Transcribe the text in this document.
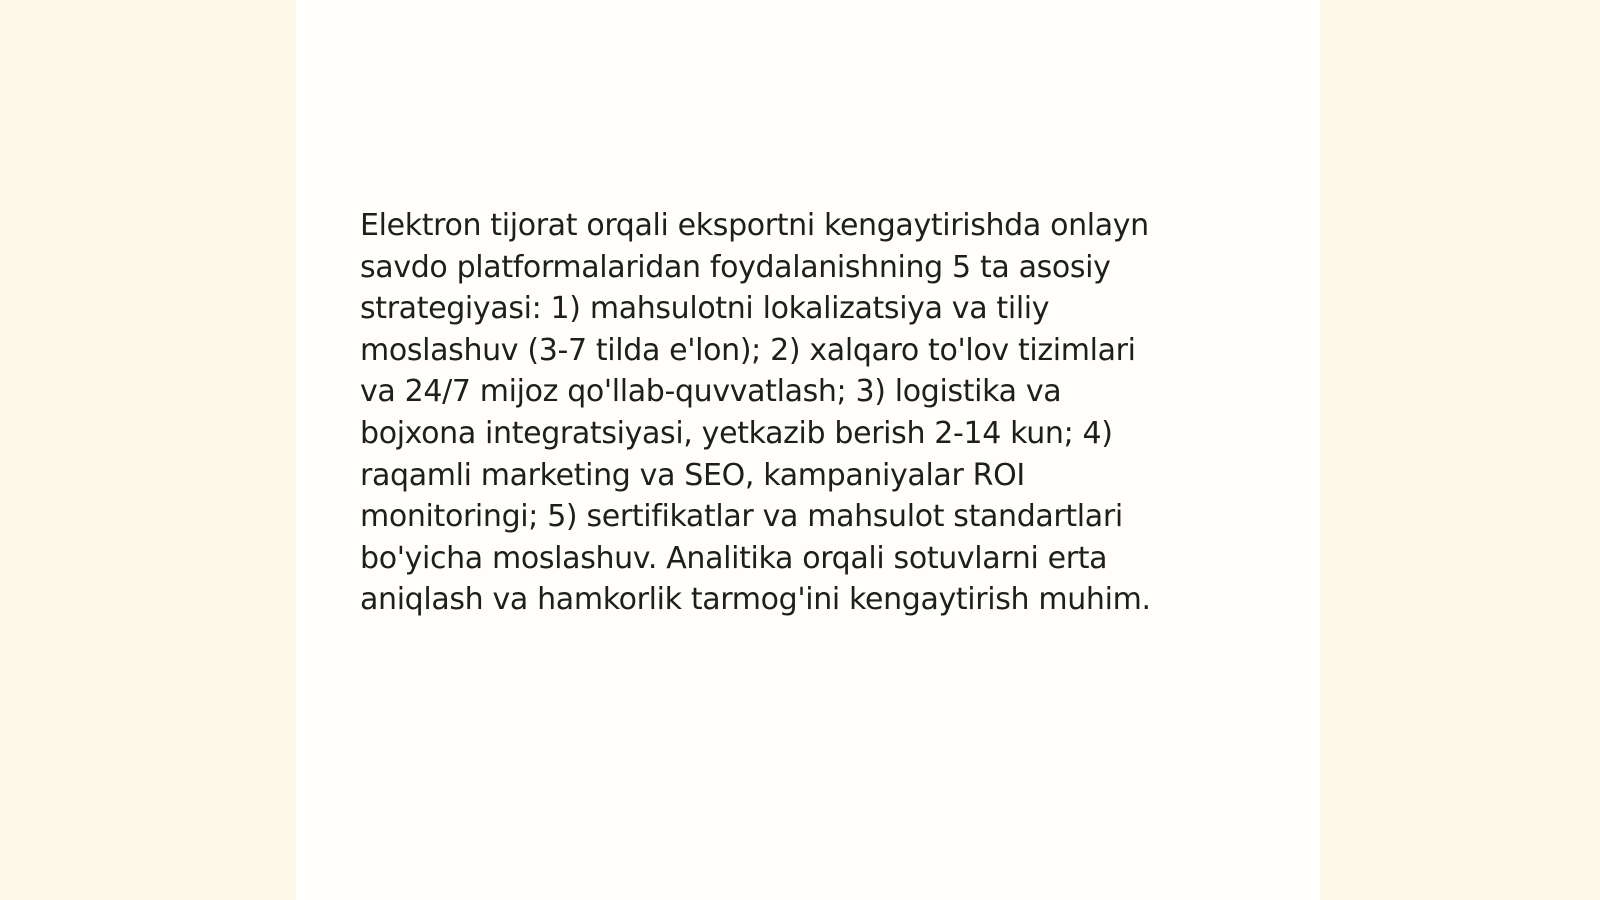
Elektron tijorat orqali eksportni kengaytirishda onlayn
savdo platformalaridan foydalanishning 5 ta asosiy
strategiyasi: 1) mahsulotni lokalizatsiya va tiliy
moslashuv (3-7 tilda e'lon); 2) xalqaro to'lov tizimlari
va 24/7 mijoz qo'llab-quvvatlash; 3) logistika va
bojxona integratsiyasi, yetkazib berish 2-14 kun; 4)
raqamli marketing va SEO, kampaniyalar ROI
monitoringi; 5) sertifikatlar va mahsulot standartlari
bo'yicha moslashuv. Analitika orqali sotuvlarni erta
aniqlash va hamkorlik tarmog'ini kengaytirish muhim.
